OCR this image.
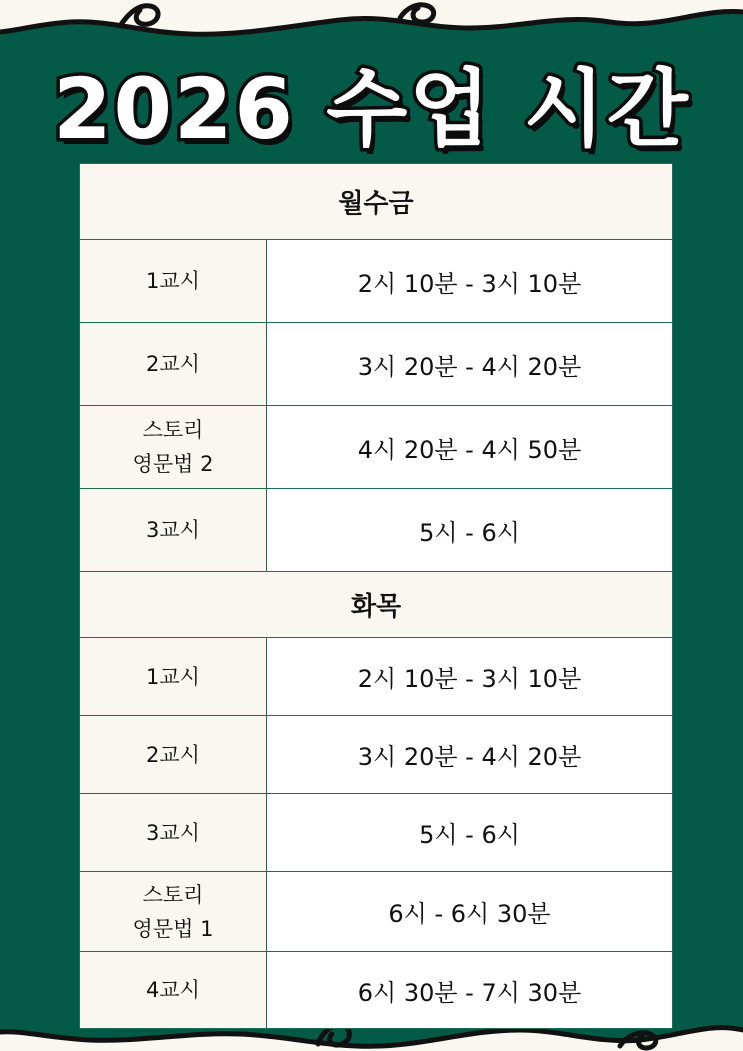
2026 수업 시간
월수금	
1교시	2시 10분 - 3시 10분
2교시	3시 20분 - 4시 20분

스토리
영문법 2	4시 20분 - 4시 50분
3교시	5시 - 6시
화목	
1교시	2시 10분 - 3시 10분
2교시	3시 20분 - 4시 20분
3교시	5시 - 6시

스토리
영문법 1	6시 - 6시 30분
4교시	6시 30분 - 7시 30분
